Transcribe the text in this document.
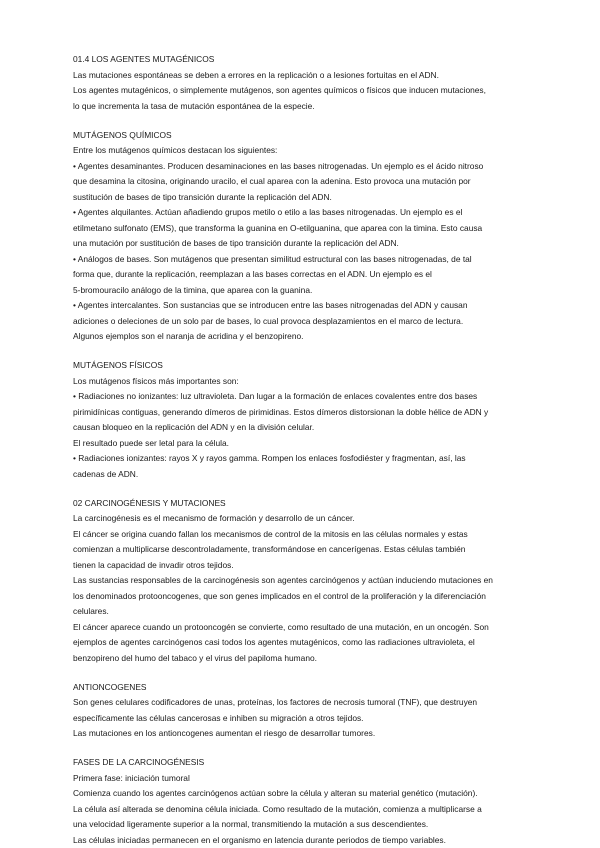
01.4 LOS AGENTES MUTAGÉNICOS
Las mutaciones espontáneas se deben a errores en la replicación o a lesiones fortuitas en el ADN.
Los agentes mutagénicos, o simplemente mutágenos, son agentes químicos o físicos que inducen mutaciones,
lo que incrementa la tasa de mutación espontánea de la especie.
MUTÁGENOS QUÍMICOS
Entre los mutágenos químicos destacan los siguientes:
• Agentes desaminantes. Producen desaminaciones en las bases nitrogenadas. Un ejemplo es el ácido nitroso
que desamina la citosina, originando uracilo, el cual aparea con la adenina. Esto provoca una mutación por
sustitución de bases de tipo transición durante la replicación del ADN.
• Agentes alquilantes. Actúan añadiendo grupos metilo o etilo a las bases nitrogenadas. Un ejemplo es el
etilmetano sulfonato (EMS), que transforma la guanina en O-etilguanina, que aparea con la timina. Esto causa
una mutación por sustitución de bases de tipo transición durante la replicación del ADN.
• Análogos de bases. Son mutágenos que presentan similitud estructural con las bases nitrogenadas, de tal
forma que, durante la replicación, reemplazan a las bases correctas en el ADN. Un ejemplo es el
5-bromouracilo análogo de la timina, que aparea con la guanina.
• Agentes intercalantes. Son sustancias que se introducen entre las bases nitrogenadas del ADN y causan
adiciones o deleciones de un solo par de bases, lo cual provoca desplazamientos en el marco de lectura.
Algunos ejemplos son el naranja de acridina y el benzopireno.
MUTÁGENOS FÍSICOS
Los mutágenos físicos más importantes son:
• Radiaciones no ionizantes: luz ultravioleta. Dan lugar a la formación de enlaces covalentes entre dos bases
pirimidínicas contiguas, generando dímeros de pirimidinas. Estos dímeros distorsionan la doble hélice de ADN y
causan bloqueo en la replicación del ADN y en la división celular.
El resultado puede ser letal para la célula.
• Radiaciones ionizantes: rayos X y rayos gamma. Rompen los enlaces fosfodiéster y fragmentan, así, las
cadenas de ADN.
02 CARCINOGÉNESIS Y MUTACIONES
La carcinogénesis es el mecanismo de formación y desarrollo de un cáncer.
El cáncer se origina cuando fallan los mecanismos de control de la mitosis en las células normales y estas
comienzan a multiplicarse descontroladamente, transformándose en cancerígenas. Estas células también
tienen la capacidad de invadir otros tejidos.
Las sustancias responsables de la carcinogénesis son agentes carcinógenos y actúan induciendo mutaciones en
los denominados protooncogenes, que son genes implicados en el control de la proliferación y la diferenciación
celulares.
El cáncer aparece cuando un protooncogén se convierte, como resultado de una mutación, en un oncogén. Son
ejemplos de agentes carcinógenos casi todos los agentes mutagénicos, como las radiaciones ultravioleta, el
benzopireno del humo del tabaco y el virus del papiloma humano.
ANTIONCOGENES
Son genes celulares codificadores de unas, proteínas, los factores de necrosis tumoral (TNF), que destruyen
específicamente las células cancerosas e inhiben su migración a otros tejidos.
Las mutaciones en los antioncogenes aumentan el riesgo de desarrollar tumores.
FASES DE LA CARCINOGÉNESIS
Primera fase: iniciación tumoral
Comienza cuando los agentes carcinógenos actúan sobre la célula y alteran su material genético (mutación).
La célula así alterada se denomina célula iniciada. Como resultado de la mutación, comienza a multiplicarse a
una velocidad ligeramente superior a la normal, transmitiendo la mutación a sus descendientes.
Las células iniciadas permanecen en el organismo en latencia durante periodos de tiempo variables.
